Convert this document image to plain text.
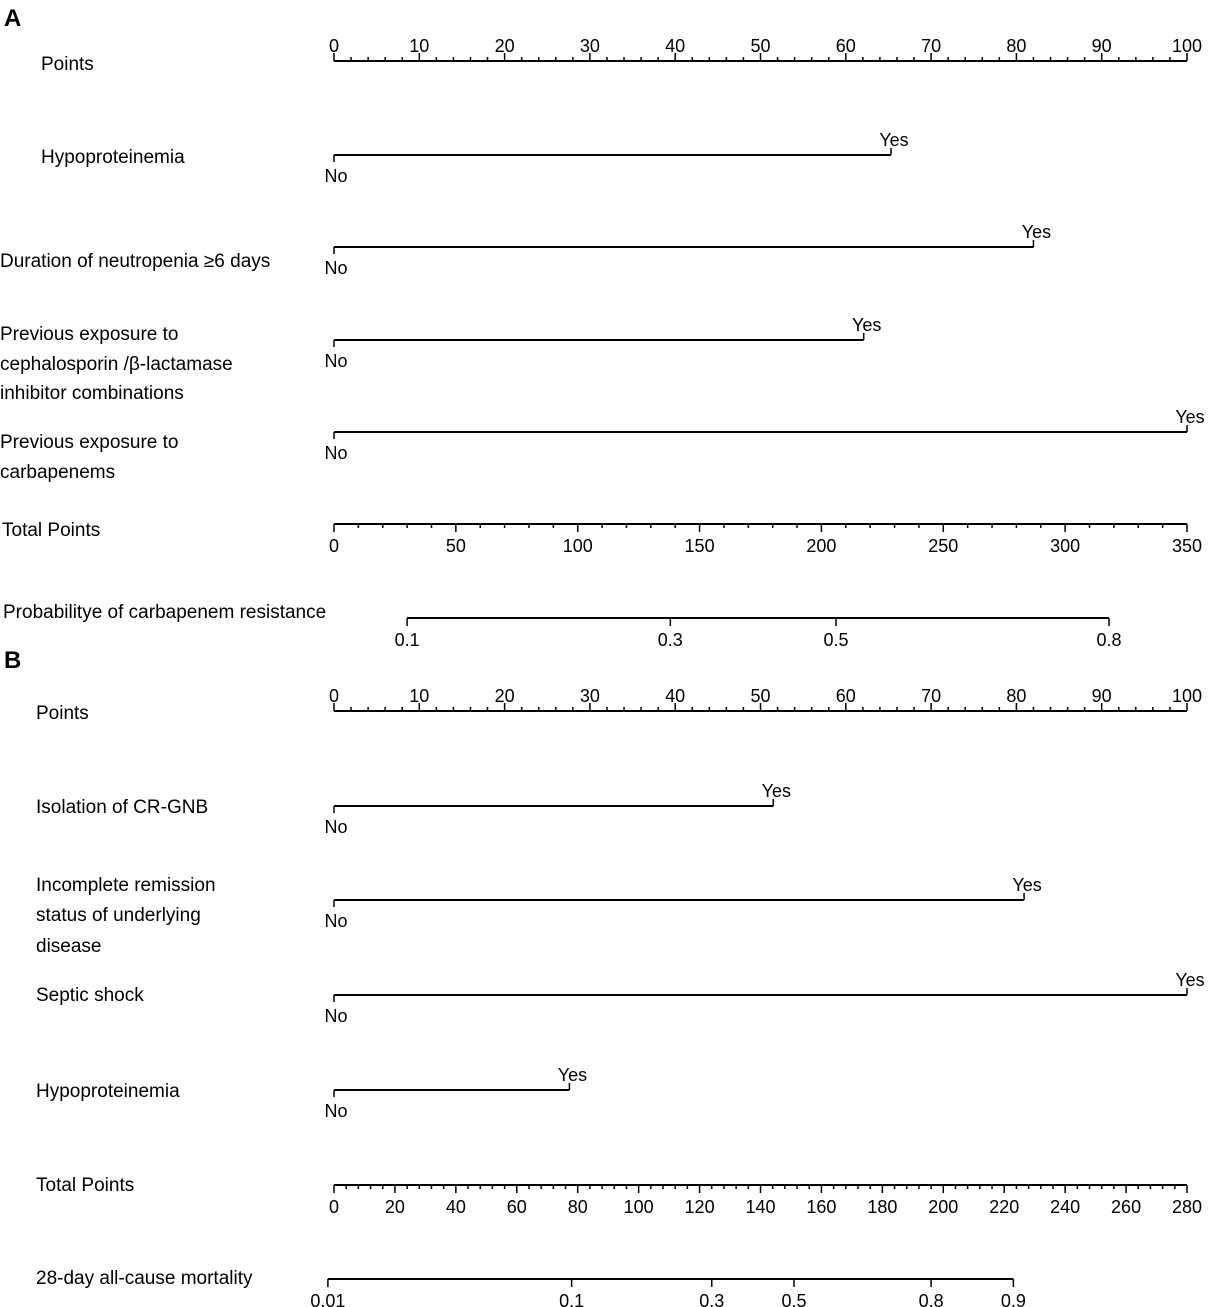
A
Points
0	10	20	30	40	50	60	70	80	90	100
Hypoproteinemia
No
Yes
Duration of neutropenia ≥6 days	No
Yes
Previous exposure to
cephalosporin /β-lactamase
inhibitor combinations
No
Yes
Previous exposure to
carbapenems
No
Yes
Total Points
0	50	100	150	200	250	300	350
Probabilitye of carbapenem resistance
0.1	0.3	0.5	0.8
B
Points
0	10	20	30	40	50	60	70	80	90	100
Isolation of CR-GNB
No
Yes
Incomplete remission
status of underlying
disease
No
Yes
Septic shock
No
Yes
Hypoproteinemia
No
Yes
Total Points
0	20 40 60 80 100 120 140 160 180 200 220 240 260 280
28-day all-cause mortality
0.01	0.1	0.3	0.5	0.8	0.9
